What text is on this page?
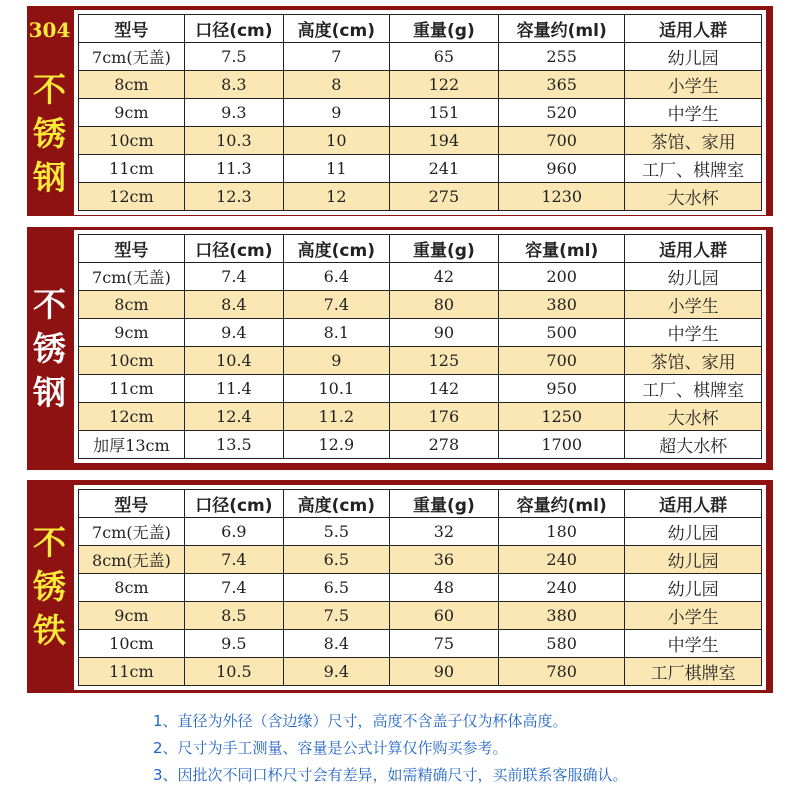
304
不
锈
钢
型号	口径(cm)	高度(cm)	重量(g)	容量约(ml)	适用人群
7cm(无盖)	7.5	7	65	255	幼儿园
8cm	8.3	8	122	365	小学生
9cm	9.3	9	151	520	中学生
10cm	10.3	10	194	700	茶馆、家用
11cm	11.3	11	241	960	工厂、棋牌室
12cm	12.3	12	275	1230	大水杯
不
锈
钢
型号	口径(cm)	高度(cm)	重量(g)	容量(ml)	适用人群
7cm(无盖)	7.4	6.4	42	200	幼儿园
8cm	8.4	7.4	80	380	小学生
9cm	9.4	8.1	90	500	中学生
10cm	10.4	9	125	700	茶馆、家用
11cm	11.4	10.1	142	950	工厂、棋牌室
12cm	12.4	11.2	176	1250	大水杯
加厚13cm	13.5	12.9	278	1700	超大水杯
不
锈
铁
型号	口径(cm)	高度(cm)	重量(g)	容量约(ml)	适用人群
7cm(无盖)	6.9	5.5	32	180	幼儿园
8cm(无盖)	7.4	6.5	36	240	幼儿园
8cm	7.4	6.5	48	240	幼儿园
9cm	8.5	7.5	60	380	小学生
10cm	9.5	8.4	75	580	中学生
11cm	10.5	9.4	90	780	工厂棋牌室
1、直径为外径（含边缘）尺寸，高度不含盖子仅为杯体高度。
2、尺寸为手工测量、容量是公式计算仅作购买参考。
3、因批次不同口杯尺寸会有差异，如需精确尺寸，买前联系客服确认。
